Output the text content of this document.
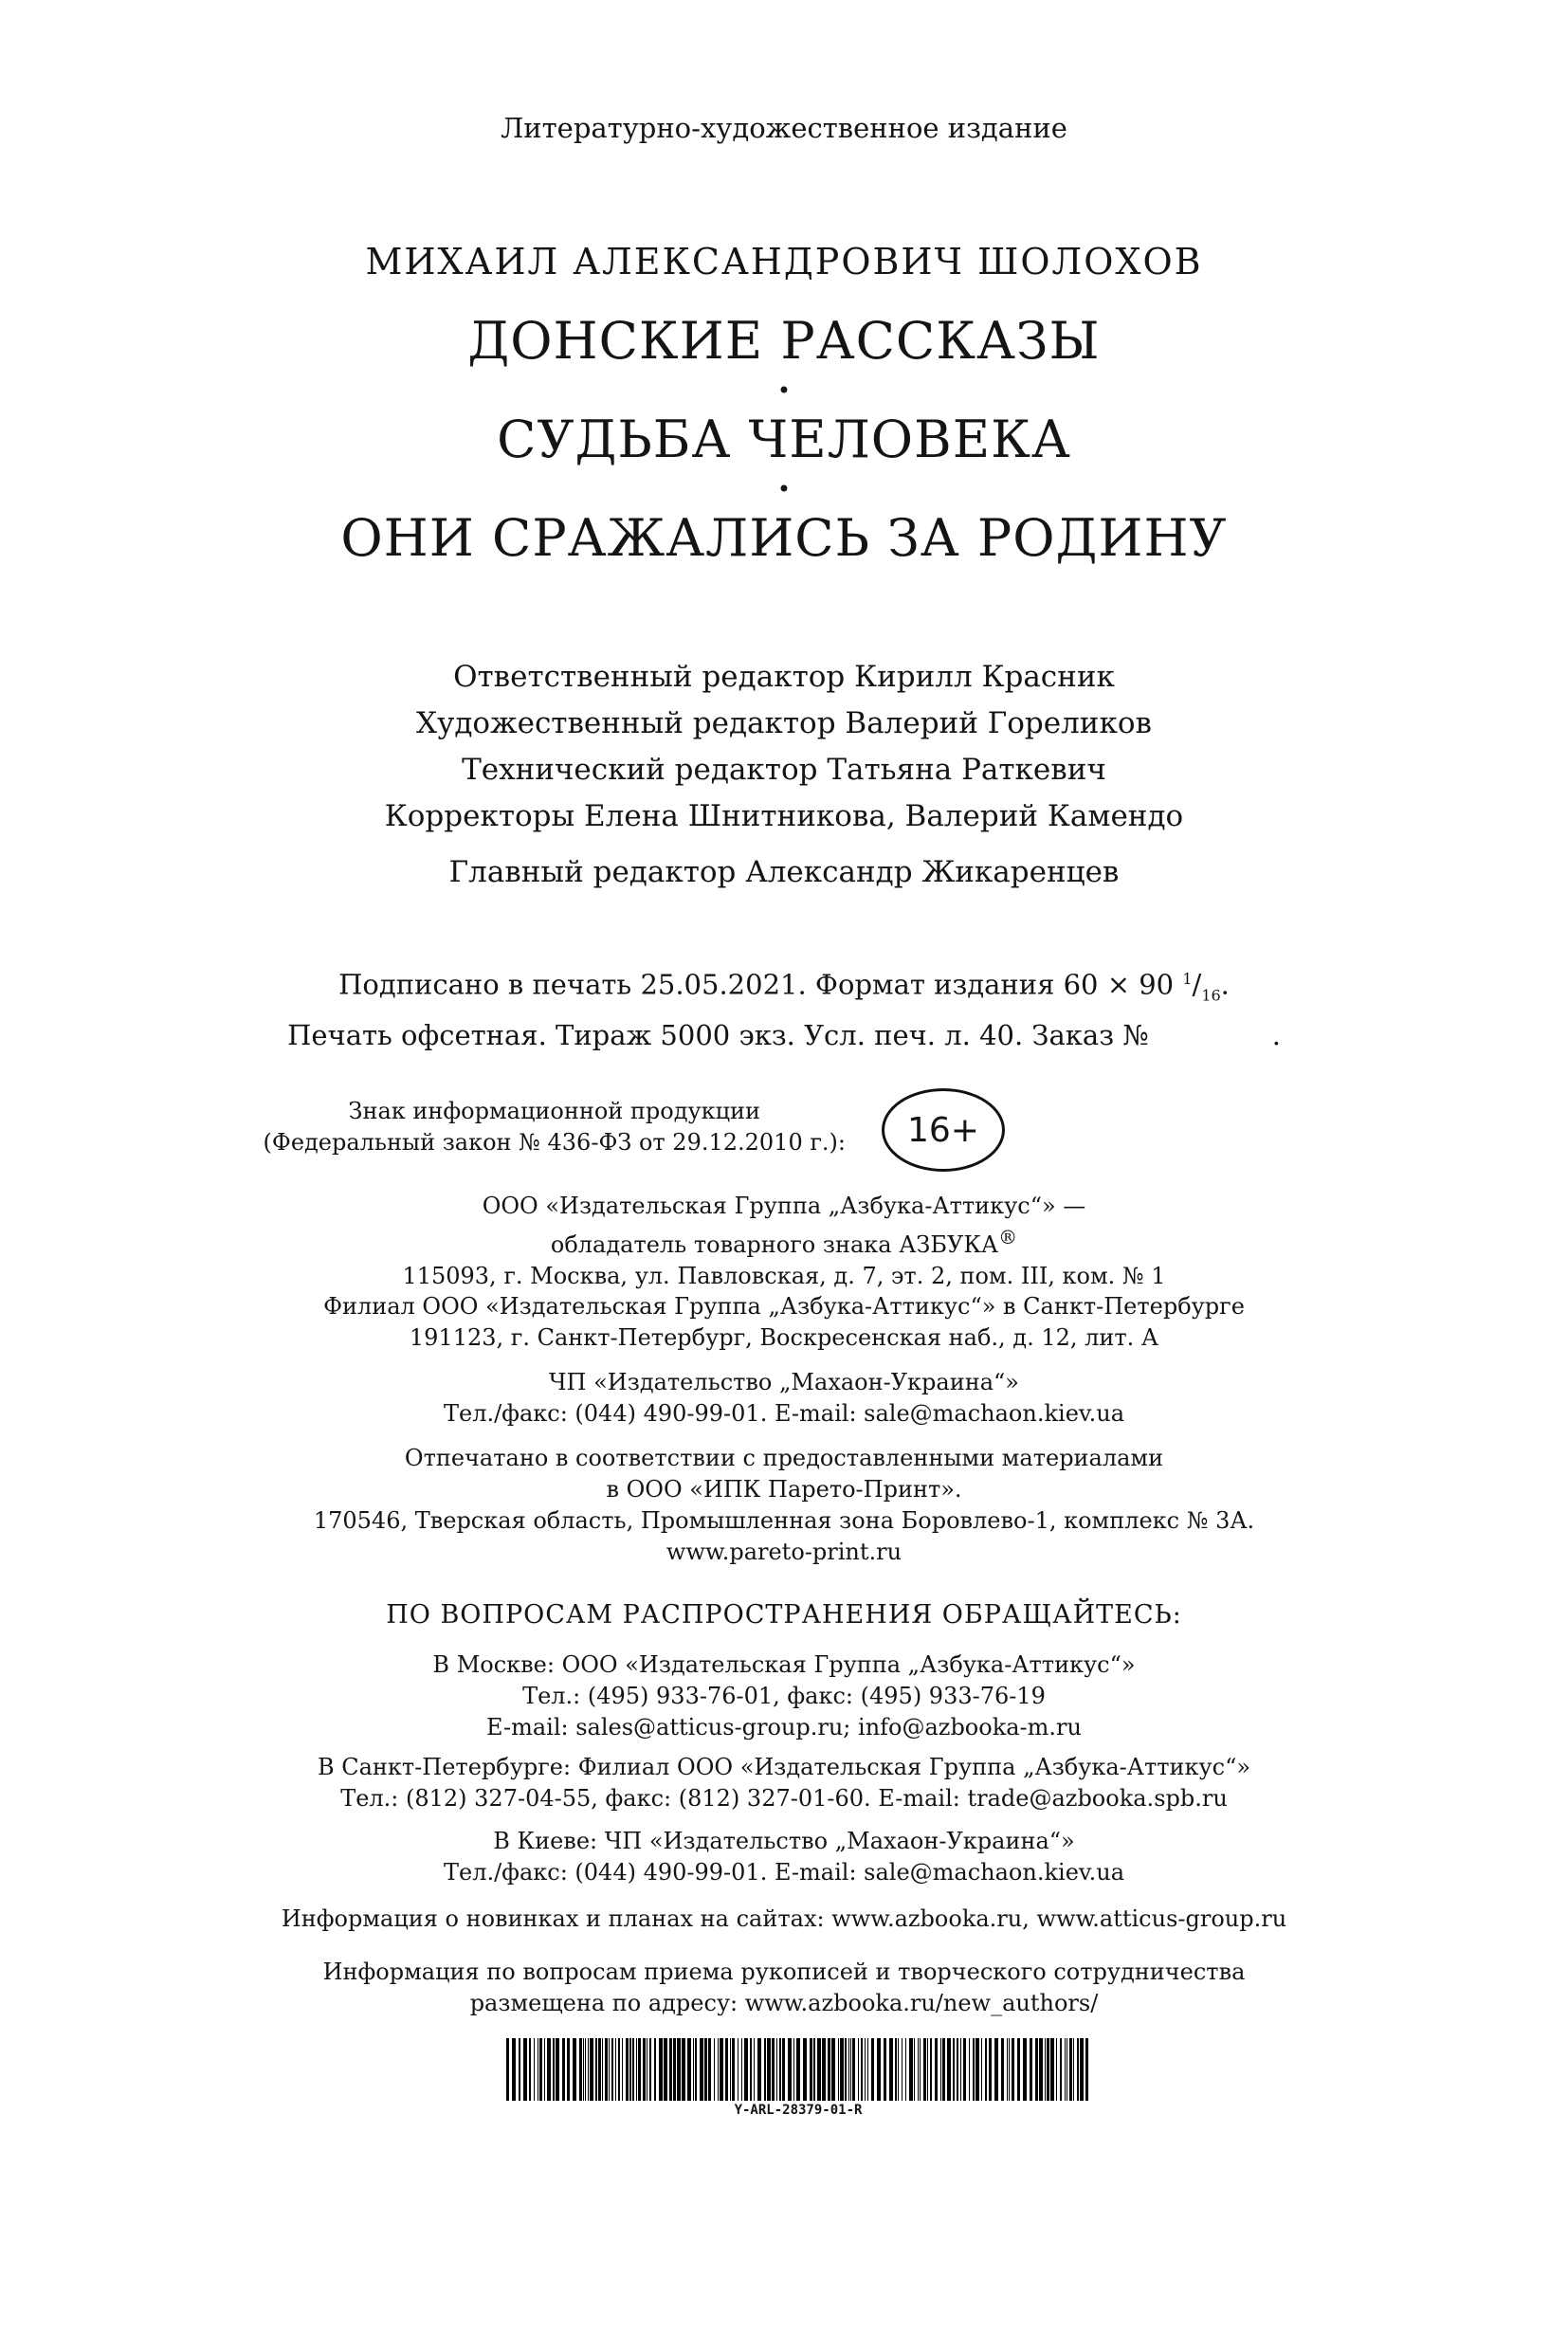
Литературно-художественное издание
МИХАИЛ АЛЕКСАНДРОВИЧ ШОЛОХОВ
ДОНСКИЕ РАССКАЗЫ
•
СУДЬБА ЧЕЛОВЕКА
•
ОНИ СРАЖАЛИСЬ ЗА РОДИНУ
Ответственный редактор Кирилл Красник
Художественный редактор Валерий Гореликов
Технический редактор Татьяна Раткевич
Корректоры Елена Шнитникова, Валерий Камендо
Главный редактор Александр Жикаренцев
Подписано в печать 25.05.2021. Формат издания 60 × 90 $^1/_{16}$.
Печать офсетная. Тираж 5000 экз. Усл. печ. л. 40. Заказ №	.
Знак информационной продукции
(Федеральный закон № 436-ФЗ от 29.12.2010 г.):	16+
ООО «Издательская Группа „Азбука-Аттикус“» —
обладатель товарного знака АЗБУКА®
115093, г. Москва, ул. Павловская, д. 7, эт. 2, пом. III, ком. № 1
Филиал ООО «Издательская Группа „Азбука-Аттикус“» в Санкт-Петербурге
191123, г. Санкт-Петербург, Воскресенская наб., д. 12, лит. А
ЧП «Издательство „Махаон-Украина“»
Тел./факс: (044) 490-99-01. E-mail: sale@machaon.kiev.ua
Отпечатано в соответствии с предоставленными материалами
в ООО «ИПК Парето-Принт».
170546, Тверская область, Промышленная зона Боровлево-1, комплекс № 3А.
www.pareto-print.ru
ПО ВОПРОСАМ РАСПРОСТРАНЕНИЯ ОБРАЩАЙТЕСЬ:
В Москве: ООО «Издательская Группа „Азбука-Аттикус“»
Тел.: (495) 933-76-01, факс: (495) 933-76-19
E-mail: sales@atticus-group.ru; info@azbooka-m.ru
В Санкт-Петербурге: Филиал ООО «Издательская Группа „Азбука-Аттикус“»
Тел.: (812) 327-04-55, факс: (812) 327-01-60. E-mail: trade@azbooka.spb.ru
В Киеве: ЧП «Издательство „Махаон-Украина“»
Тел./факс: (044) 490-99-01. E-mail: sale@machaon.kiev.ua
Информация о новинках и планах на сайтах: www.azbooka.ru, www.atticus-group.ru
Информация по вопросам приема рукописей и творческого сотрудничества
размещена по адресу: www.azbooka.ru/new_authors/
Y-ARL-28379-01-R
